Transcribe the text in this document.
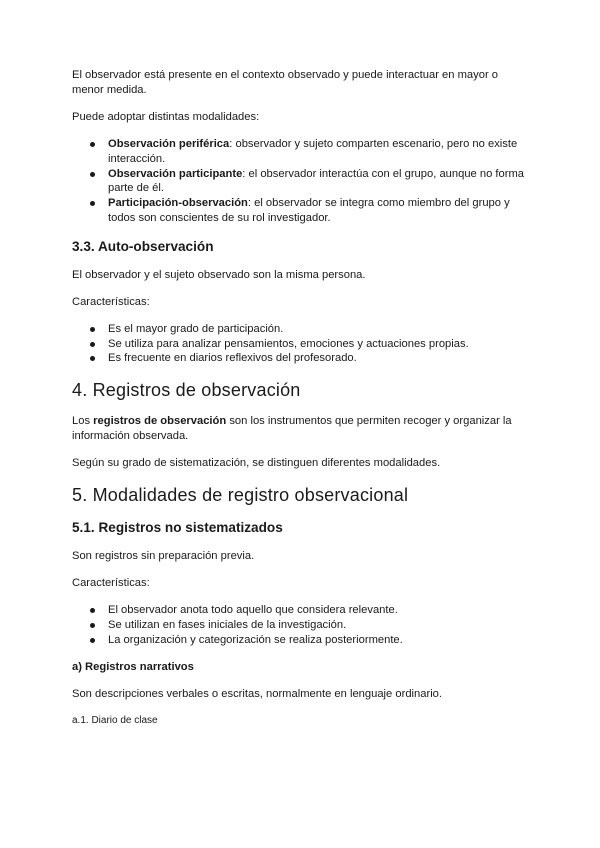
El observador está presente en el contexto observado y puede interactuar en mayor o menor medida.

Puede adoptar distintas modalidades:

Observación periférica: observador y sujeto comparten escenario, pero no existe interacción.
Observación participante: el observador interactúa con el grupo, aunque no forma parte de él.
Participación-observación: el observador se integra como miembro del grupo y todos son conscientes de su rol investigador.
3.3. Auto-observación

El observador y el sujeto observado son la misma persona.

Características:

Es el mayor grado de participación.
Se utiliza para analizar pensamientos, emociones y actuaciones propias.
Es frecuente en diarios reflexivos del profesorado.
4. Registros de observación

Los registros de observación son los instrumentos que permiten recoger y organizar la información observada.

Según su grado de sistematización, se distinguen diferentes modalidades.

5. Modalidades de registro observacional
5.1. Registros no sistematizados

Son registros sin preparación previa.

Características:

El observador anota todo aquello que considera relevante.
Se utilizan en fases iniciales de la investigación.
La organización y categorización se realiza posteriormente.
a) Registros narrativos

Son descripciones verbales o escritas, normalmente en lenguaje ordinario.

a.1. Diario de clase
